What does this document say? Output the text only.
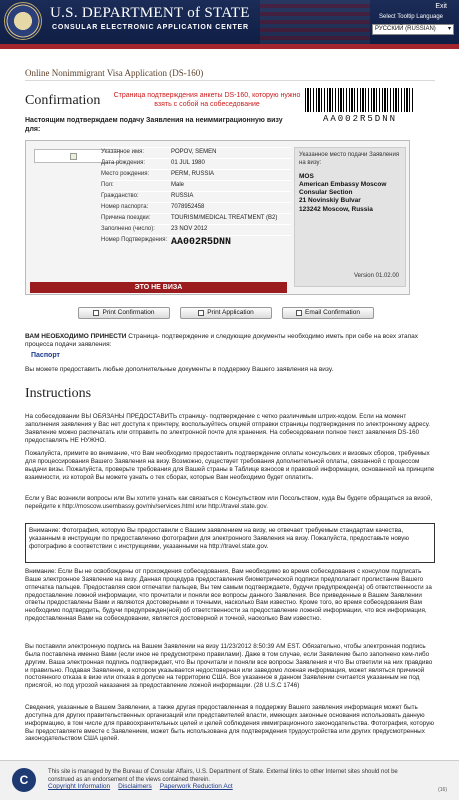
U.S. DEPARTMENT of STATE
CONSULAR ELECTRONIC APPLICATION CENTER
Exit
Select Tooltip Language
РУССКИЙ (RUSSIAN) ▾
Online Nonimmigrant Visa Application (DS-160)
Confirmation Страница подтверждения анкеты DS-160, которую нужно взять с собой на собеседование
AA002R5DNN
Настоящим подтверждаем подачу Заявления на неиммиграционную визу для:
Указанное имя:	POPOV, SEMEN
Дата рождения:	01 JUL 1980
Место рождения:	PERM, RUSSIA
Пол:	Male
Гражданство:	RUSSIA
Номер паспорта:	7078952458
Причина поездки:	TOURISM/MEDICAL TREATMENT (B2)
Заполнено (число):	23 NOV 2012
Номер Подтверждения: AA002R5DNN
Указанное место подачи Заявления на визу:
MOS
American Embassy Moscow
Consular Section
21 Novinskiy Bulvar
123242 Moscow, Russia
Version 01.02.00
ЭТО НЕ ВИЗА
Print Confirmation	Print Application	Email Confirmation
ВАМ НЕОБХОДИМО ПРИНЕСТИ Страница- подтверждение и следующие документы необходимо иметь при себе на всех этапах процесса подачи заявления:
Паспорт
Вы можете предоставить любые дополнительные документы в поддержку Вашего заявления на визу.
Instructions
На собеседовании ВЫ ОБЯЗАНЫ ПРЕДОСТАВИТЬ страницу- подтверждение с четко различимым штрих-кодом. Если на момент заполнения заявления у Вас нет доступа к принтеру, воспользуйтесь опцией отправки страницы подтверждения по электронному адресу. Заявление можно распечатать или отправить по электронной почте для хранения. На собеседовании полное текст заявления DS-160 предоставлять НЕ НУЖНО.
Пожалуйста, примите во внимание, что Вам необходимо предоставить подтверждение оплаты консульских и визовых сборов, требуемых для процессирования Вашего Заявления на визу. Возможно, существует требования дополнительной оплаты, связанной с процессом выдачи визы. Пожалуйста, проверьте требования для Вашей страны в Таблице взносов и правовой информации, основанной на принципе взаимности, из которой Вы можете узнать о тех сборах, которые Вам необходимо будет оплатить.
Если у Вас возникли вопросы или Вы хотите узнать как связаться с Консульством или Посольством, куда Вы будете обращаться за визой, перейдите к http://moscow.usembassy.gov/niv/services.html или http://travel.state.gov.
Внимание: Фотография, которую Вы предоставили с Вашим заявлением на визу, не отвечает требуемым стандартам качества, указанным в инструкции по предоставлению фотографии для электронного Заявления на визу. Пожалуйста, предоставьте новую фотографию в соответствии с инструкциями, указанными на http://travel.state.gov.
Внимание: Если Вы не освобождены от прохождения собеседования, Вам необходимо во время собеседования с консулом подписать Ваше электронное Заявление на визу. Данная процедура предоставления биометрической подписи предполагает пролистание Вашего отпечатка пальцев. Предоставляя свои отпечатки пальцев, Вы тем самым подтверждаете, будучи предупрежден(а) об ответственности за предоставление ложной информации, что прочитали и поняли все вопросы данного Заявления. Все приведенные в Вашем Заявлении ответы предоставлены Вами и являются достоверными и точными, насколько Вам известно. Кроме того, во время собеседования Вам необходимо подтвердить, будучи предупрежден(ной) об ответственности за предоставление ложной информации, что вся информация, предоставленная Вами на собеседовании, является достоверной и точной, насколько Вам известно.
Вы поставили электронную подпись на Вашем Заявлении на визу 11/23/2012 8:50:39 AM EST. Обязательно, чтобы электронная подпись была поставлена именно Вами (если иное не предусмотрено правилами). Даже в том случае, если Заявление было заполнено кем-либо другим. Ваша электронная подпись подтверждает, что Вы прочитали и поняли все вопросы Заявления и что Вы ответили на них правдиво и правильно. Подавая Заявление, в котором указывается недостоверная или заведомо ложная информация, может являться причиной постоянного отказа в визе или отказа в допуске на территорию США. Все указанное в данном Заявлении считается указанным не под присягой, но под угрозой наказания за предоставление ложной информации. (28 U.S.C 1746)
Сведения, указанные в Вашем Заявлении, а также другая предоставленная в поддержку Вашего заявления информация может быть доступна для других правительственных организаций или представителей власти, имеющих законные основания использовать данную информацию, в том числе для правоохранительных целей и целей соблюдения иммиграционного законодательства. Фотография, которую Вы предоставляете вместе с Заявлением, может быть использована для подтверждения трудоустройства или других предусмотренных законодательством США целей.
C
This site is managed by the Bureau of Consular Affairs, U.S. Department of State. External links to other Internet sites should not be construed as an endorsement of the views contained therein.
Copyright Information Disclaimers Paperwork Reduction Act	(16)
